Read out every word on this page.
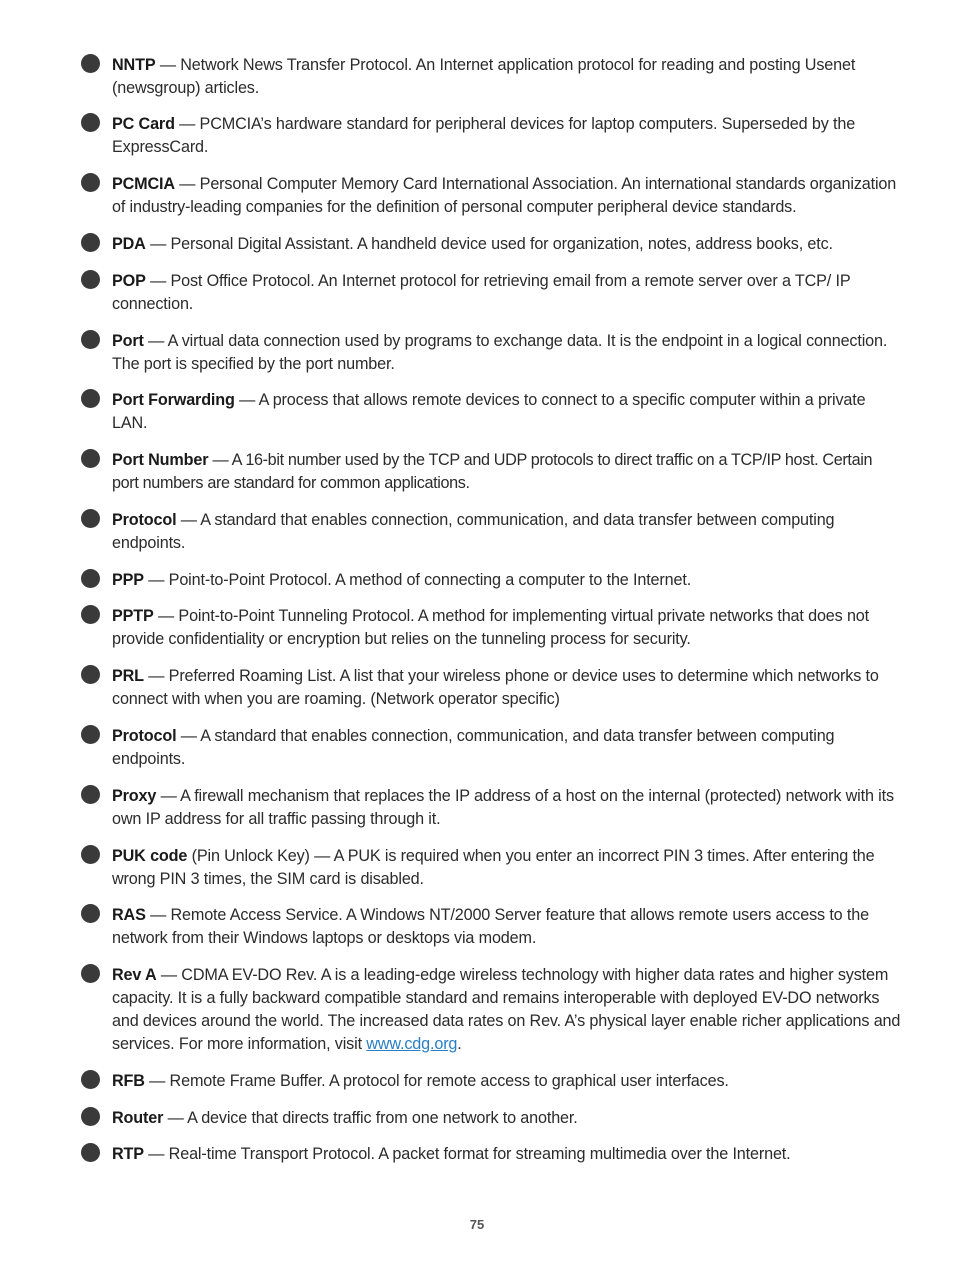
NNTP — Network News Transfer Protocol. An Internet application protocol for reading and posting Usenet (newsgroup) articles.
PC Card — PCMCIA’s hardware standard for peripheral devices for laptop computers. Superseded by the ExpressCard.
PCMCIA — Personal Computer Memory Card International Association. An international standards organization of industry-leading companies for the definition of personal computer peripheral device standards.
PDA — Personal Digital Assistant. A handheld device used for organization, notes, address books, etc.
POP — Post Office Protocol. An Internet protocol for retrieving email from a remote server over a TCP/ IP connection.
Port — A virtual data connection used by programs to exchange data. It is the endpoint in a logical connection. The port is specified by the port number.
Port Forwarding — A process that allows remote devices to connect to a specific computer within a private LAN.
Port Number — A 16-bit number used by the TCP and UDP protocols to direct traffic on a TCP/IP host. Certain port numbers are standard for common applications.
Protocol — A standard that enables connection, communication, and data transfer between computing endpoints.
PPP — Point-to-Point Protocol. A method of connecting a computer to the Internet.
PPTP — Point-to-Point Tunneling Protocol. A method for implementing virtual private networks that does not provide confidentiality or encryption but relies on the tunneling process for security.
PRL — Preferred Roaming List. A list that your wireless phone or device uses to determine which networks to connect with when you are roaming. (Network operator specific)
Protocol — A standard that enables connection, communication, and data transfer between computing endpoints.
Proxy — A firewall mechanism that replaces the IP address of a host on the internal (protected) network with its own IP address for all traffic passing through it.
PUK code (Pin Unlock Key) — A PUK is required when you enter an incorrect PIN 3 times. After entering the wrong PIN 3 times, the SIM card is disabled.
RAS — Remote Access Service. A Windows NT/2000 Server feature that allows remote users access to the network from their Windows laptops or desktops via modem.
Rev A — CDMA EV-DO Rev. A is a leading-edge wireless technology with higher data rates and higher system capacity. It is a fully backward compatible standard and remains interoperable with deployed EV-DO networks and devices around the world. The increased data rates on Rev. A’s physical layer enable richer applications and services. For more information, visit www.cdg.org.
RFB — Remote Frame Buffer. A protocol for remote access to graphical user interfaces.
Router — A device that directs traffic from one network to another.
RTP — Real-time Transport Protocol. A packet format for streaming multimedia over the Internet.
75
